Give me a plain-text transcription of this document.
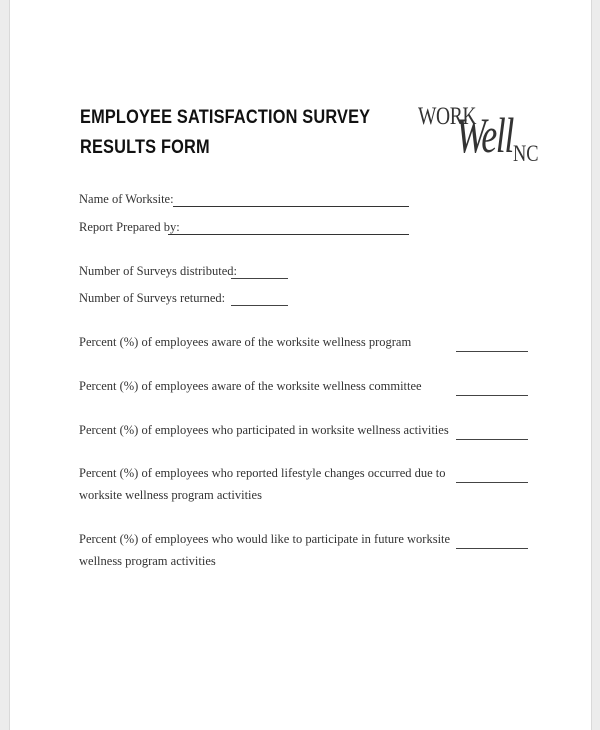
EMPLOYEE SATISFACTION SURVEY
RESULTS FORM
WORK
Well NC
Name of Worksite:
Report Prepared by:
Number of Surveys distributed:
Number of Surveys returned:
Percent (%) of employees aware of the worksite wellness program
Percent (%) of employees aware of the worksite wellness committee
Percent (%) of employees who participated in worksite wellness activities
Percent (%) of employees who reported lifestyle changes occurred due to
worksite wellness program activities
Percent (%) of employees who would like to participate in future worksite
wellness program activities
